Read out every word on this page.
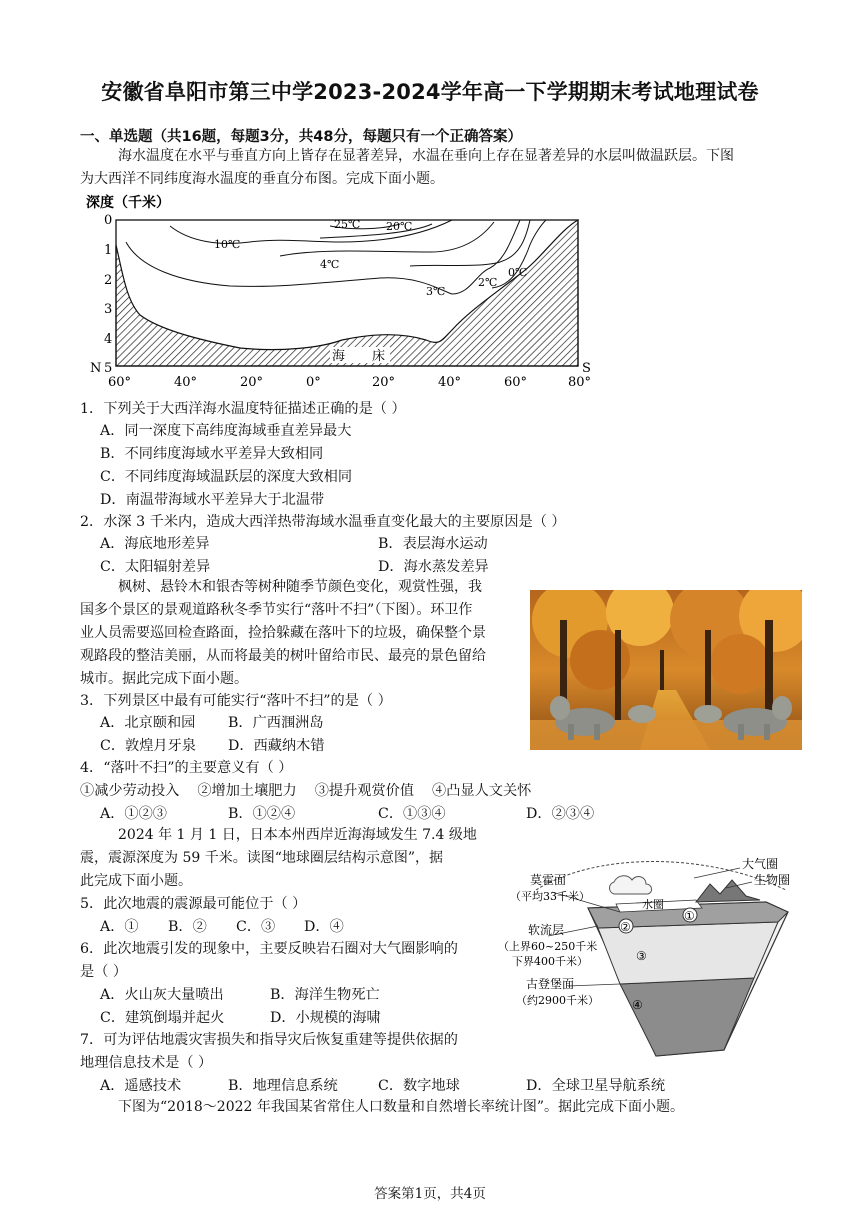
安徽省阜阳市第三中学2023-2024学年高一下学期期末考试地理试卷
一、单选题（共16题，每题3分，共48分，每题只有一个正确答案）
海水温度在水平与垂直方向上皆存在显著差异，水温在垂向上存在显著差异的水层叫做温跃层。下图
为大西洋不同纬度海水温度的垂直分布图。完成下面小题。
深度（千米）
海 床
25℃ 20℃
10℃
4℃
3℃
2℃
0℃
0
1
2
3
4
5
N	S
60°	40°	20°	0°	20°	40°	60°	80°
1．下列关于大西洋海水温度特征描述正确的是（ ）
A．同一深度下高纬度海域垂直差异最大
B．不同纬度海域水平差异大致相同
C．不同纬度海域温跃层的深度大致相同
D．南温带海域水平差异大于北温带
2．水深 3 千米内，造成大西洋热带海域水温垂直变化最大的主要原因是（ ）
A．海底地形差异	B．表层海水运动
C．太阳辐射差异	D．海水蒸发差异
枫树、悬铃木和银杏等树种随季节颜色变化，观赏性强，我
国多个景区的景观道路秋冬季节实行“落叶不扫”（下图）。环卫作
业人员需要巡回检查路面，捡拾躲藏在落叶下的垃圾，确保整个景
观路段的整洁美丽，从而将最美的树叶留给市民、最亮的景色留给
城市。据此完成下面小题。
3．下列景区中最有可能实行“落叶不扫”的是（ ）
A．北京颐和园 B．广西涠洲岛
C．敦煌月牙泉 D．西藏纳木错
4．“落叶不扫”的主要意义有（ ）
①减少劳动投入    ②增加土壤肥力    ③提升观赏价值    ④凸显人文关怀
A．①②③	B．①②④	C．①③④	D．②③④
2024 年 1 月 1 日，日本本州西岸近海海域发生 7.4 级地
震，震源深度为 59 千米。读图“地球圈层结构示意图”，据
此完成下面小题。
5．此次地震的震源最可能位于（ ）
A．① B．② C．③ D．④
6．此次地震引发的现象中，主要反映岩石圈对大气圈影响的
是（ ）
A．火山灰大量喷出	B．海洋生物死亡
C．建筑倒塌并起火	D．小规模的海啸
7．可为评估地震灾害损失和指导灾后恢复重建等提供依据的
地理信息技术是（ ）
A．遥感技术	B．地理信息系统	C．数字地球	D．全球卫星导航系统
下图为“2018～2022 年我国某省常住人口数量和自然增长率统计图”。据此完成下面小题。
①
②
③
④
大气圈
生物圈
莫霍面
（平均33千米）
水圈
软流层
（上界60~250千米
下界400千米）
古登堡面
（约2900千米）
答案第1页，共4页
